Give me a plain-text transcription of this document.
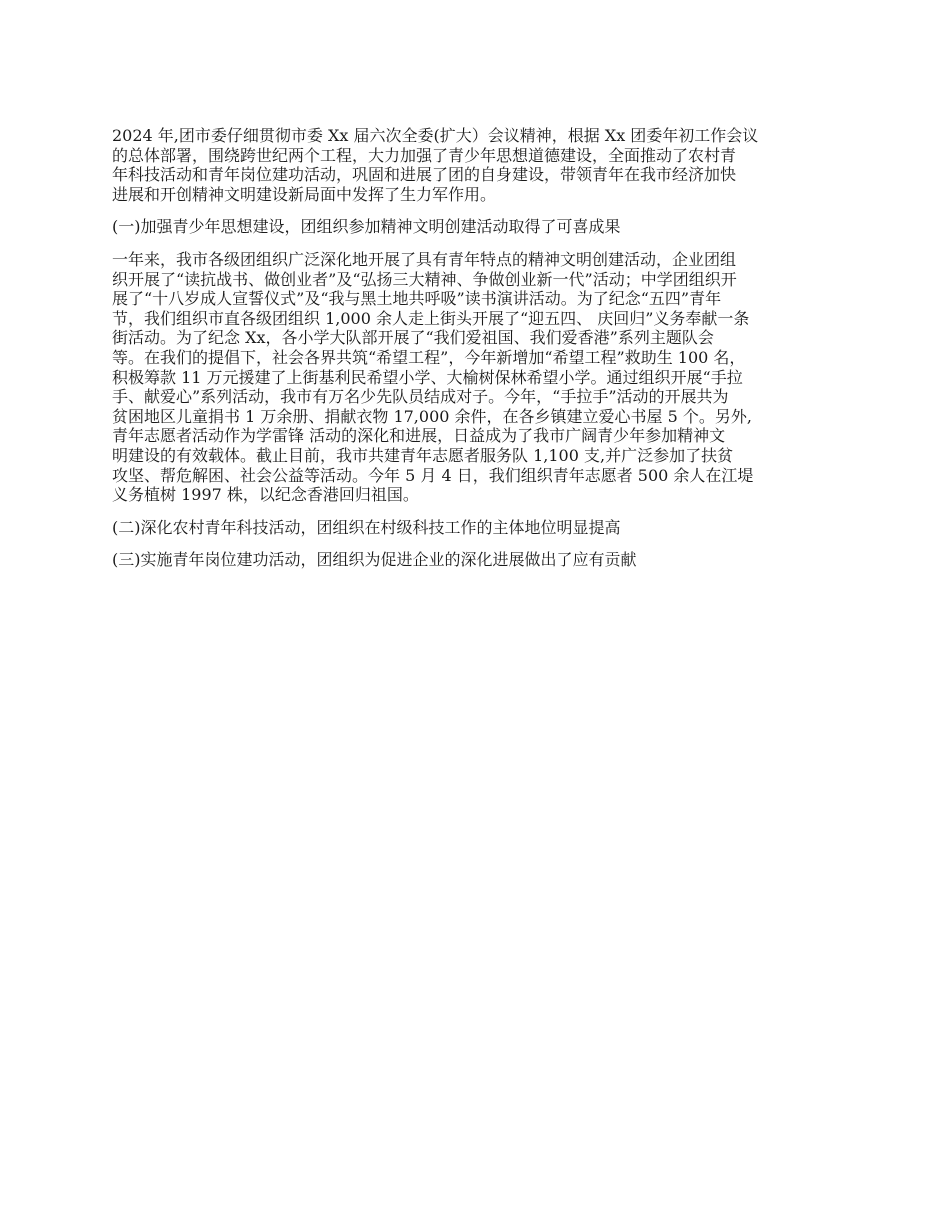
2024 年,团市委仔细贯彻市委 Xx 届六次全委(扩大）会议精神，根据 Xx 团委年初工作会议
的总体部署，围绕跨世纪两个工程，大力加强了青少年思想道德建设，全面推动了农村青
年科技活动和青年岗位建功活动，巩固和进展了团的自身建设，带领青年在我市经济加快
进展和开创精神文明建设新局面中发挥了生力军作用。
(一)加强青少年思想建设，团组织参加精神文明创建活动取得了可喜成果
一年来，我市各级团组织广泛深化地开展了具有青年特点的精神文明创建活动，企业团组
织开展了“读抗战书、做创业者”及“弘扬三大精神、争做创业新一代”活动；中学团组织开
展了“十八岁成人宣誓仪式”及“我与黑土地共呼吸”读书演讲活动。为了纪念“五四”青年
节，我们组织市直各级团组织 1,000 余人走上街头开展了“迎五四、 庆回归”义务奉献一条
街活动。为了纪念 Xx，各小学大队部开展了“我们爱祖国、我们爱香港”系列主题队会
等。在我们的提倡下，社会各界共筑“希望工程”，今年新增加“希望工程”救助生 100 名，
积极筹款 11 万元援建了上街基利民希望小学、大榆树保林希望小学。通过组织开展“手拉
手、献爱心”系列活动，我市有万名少先队员结成对子。今年，“手拉手”活动的开展共为
贫困地区儿童捐书 1 万余册、捐献衣物 17,000 余件，在各乡镇建立爱心书屋 5 个。另外,
青年志愿者活动作为学雷锋 活动的深化和进展，日益成为了我市广阔青少年参加精神文
明建设的有效载体。截止目前，我市共建青年志愿者服务队 1,100 支,并广泛参加了扶贫
攻坚、帮危解困、社会公益等活动。今年 5 月 4 日，我们组织青年志愿者 500 余人在江堤
义务植树 1997 株，以纪念香港回归祖国。
(二)深化农村青年科技活动，团组织在村级科技工作的主体地位明显提高
(三)实施青年岗位建功活动，团组织为促进企业的深化进展做出了应有贡献
